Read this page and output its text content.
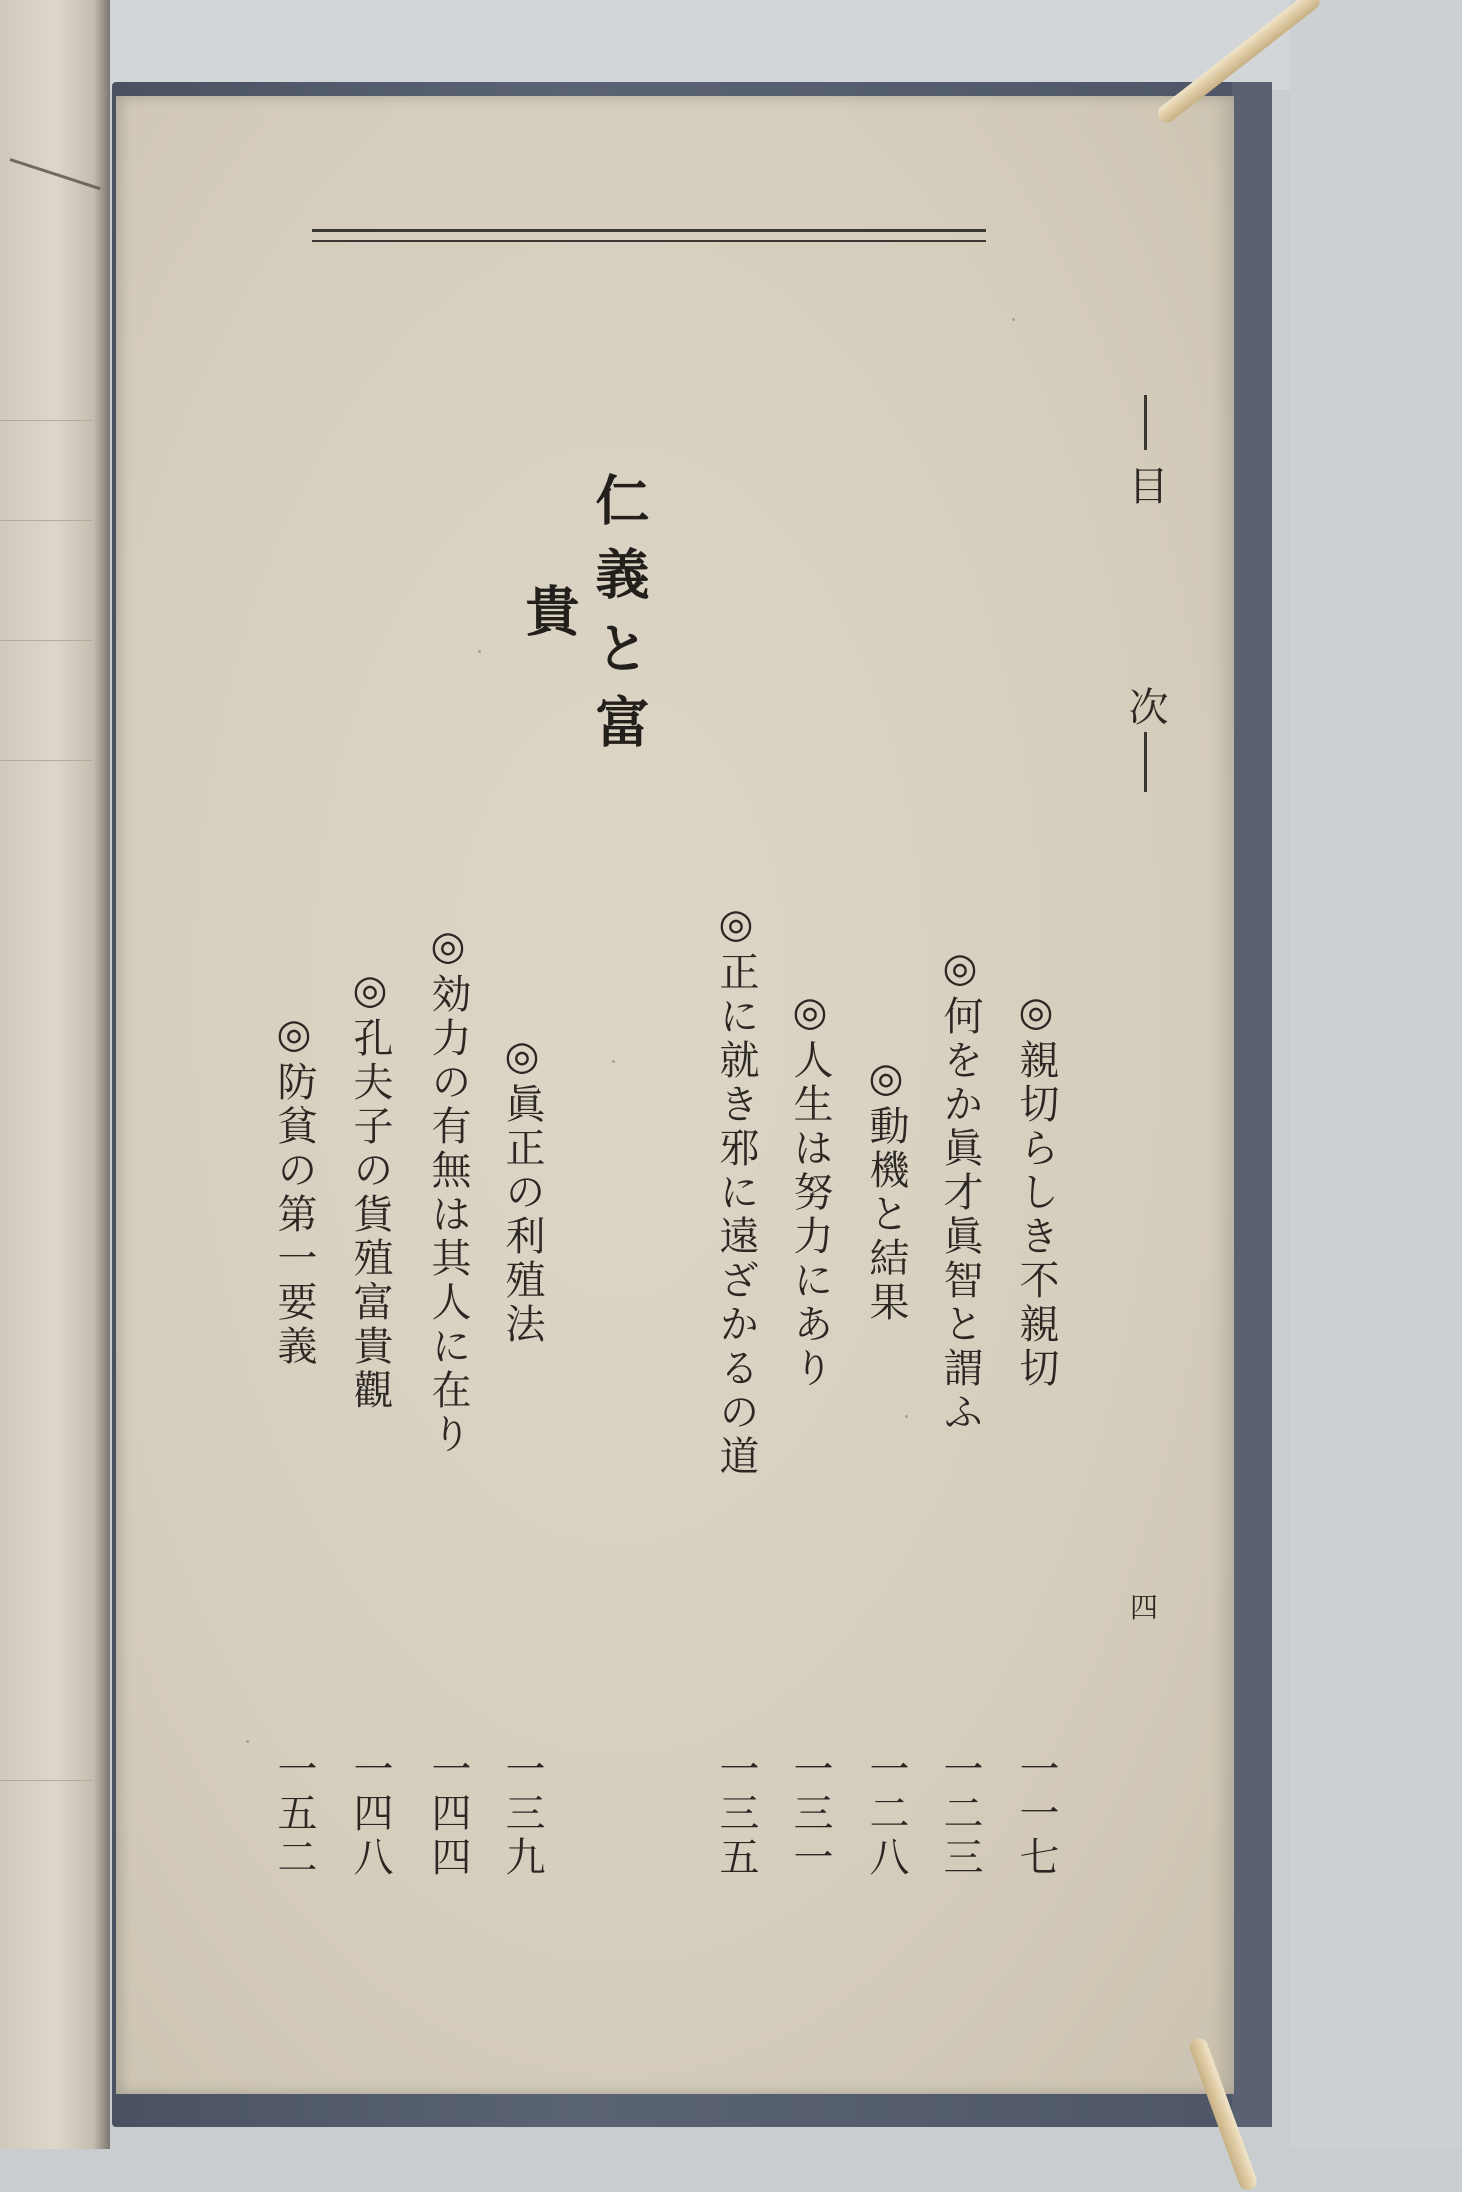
目
次
仁義と富貴
四
◎親切らしき不親切
一一七
◎何をか眞才眞智と謂ふ
一二三
◎動機と結果
一二八
◎人生は努力にあり
一三一
◎正に就き邪に遠ざかるの道
一三五
◎眞正の利殖法
一三九
◎効力の有無は其人に在り
一四四
◎孔夫子の貨殖富貴觀
一四八
◎防貧の第一要義
一五二
